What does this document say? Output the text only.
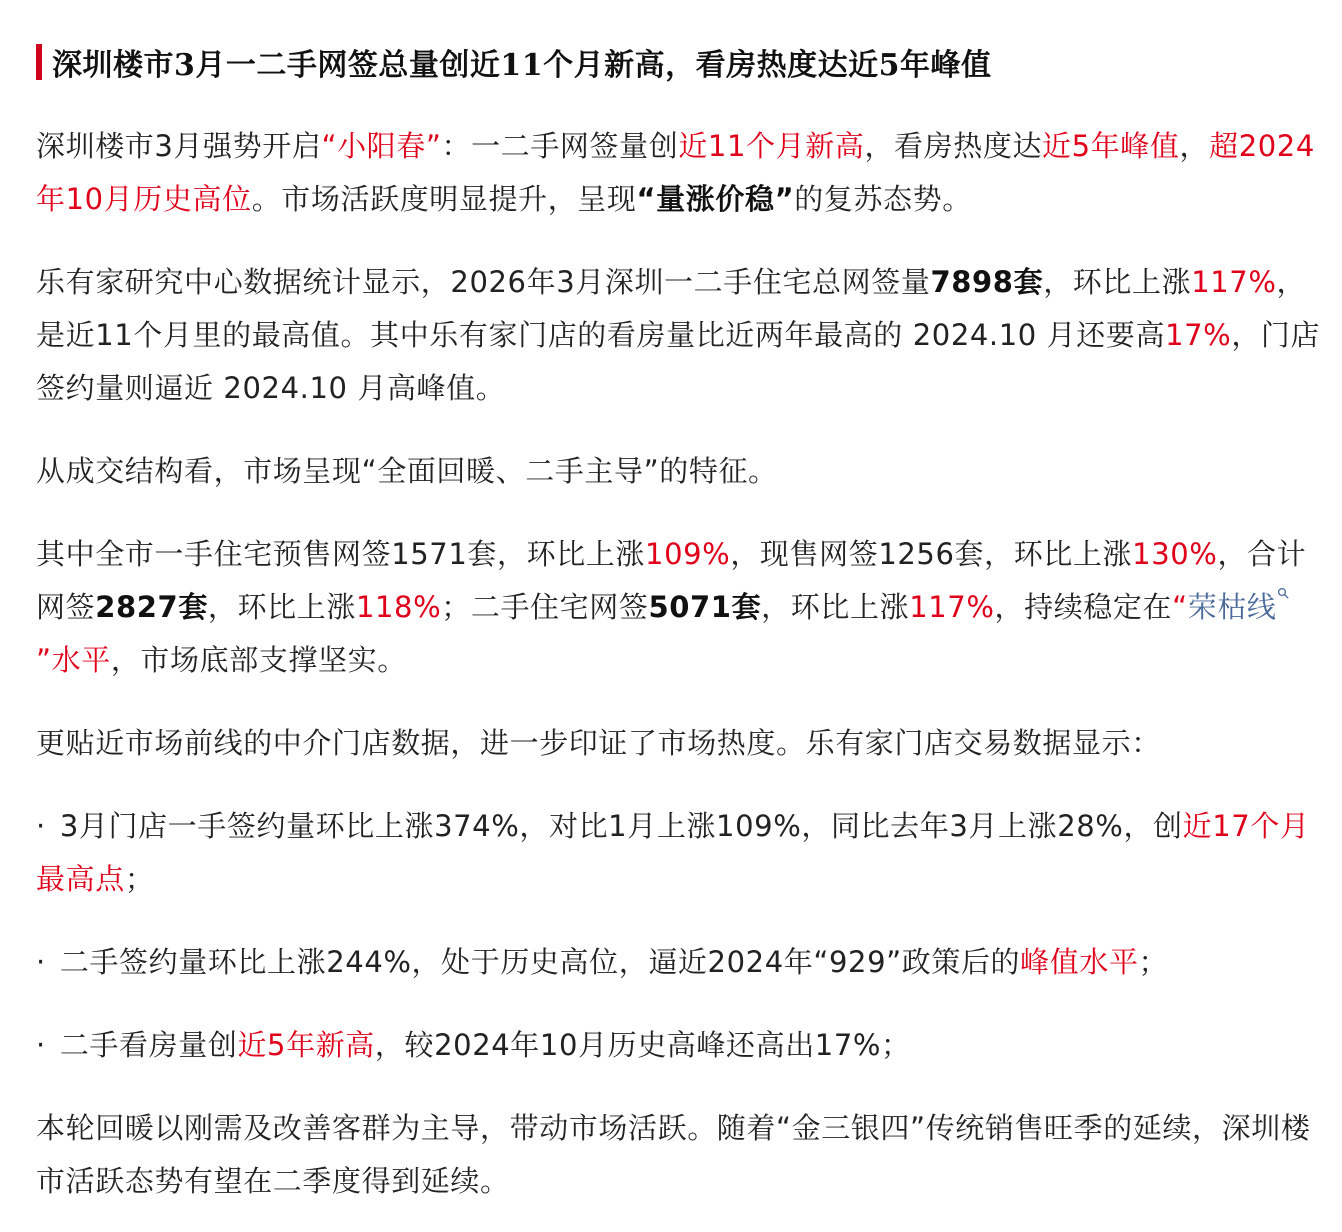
深圳楼市3月一二手网签总量创近11个月新高，看房热度达近5年峰值

深圳楼市3月强势开启“小阳春”：一二手网签量创近11个月新高，看房热度达近5年峰值，超2024年10月历史高位。市场活跃度明显提升，呈现“量涨价稳”的复苏态势。

乐有家研究中心数据统计显示，2026年3月深圳一二手住宅总网签量7898套，环比上涨117%，是近11个月里的最高值。其中乐有家门店的看房量比近两年最高的 2024.10 月还要高17%，门店签约量则逼近 2024.10 月高峰值。

从成交结构看，市场呈现“全面回暖、二手主导”的特征。

其中全市一手住宅预售网签1571套，环比上涨109%，现售网签1256套，环比上涨130%，合计网签2827套，环比上涨118%；二手住宅网签5071套，环比上涨117%，持续稳定在“荣枯线
”水平，市场底部支撑坚实。

更贴近市场前线的中介门店数据，进一步印证了市场热度。乐有家门店交易数据显示：

· 3月门店一手签约量环比上涨374%，对比1月上涨109%，同比去年3月上涨28%，创近17个月最高点；

· 二手签约量环比上涨244%，处于历史高位，逼近2024年“929”政策后的峰值水平；

· 二手看房量创近5年新高，较2024年10月历史高峰还高出17%；

本轮回暖以刚需及改善客群为主导，带动市场活跃。随着“金三银四”传统销售旺季的延续，深圳楼市活跃态势有望在二季度得到延续。
